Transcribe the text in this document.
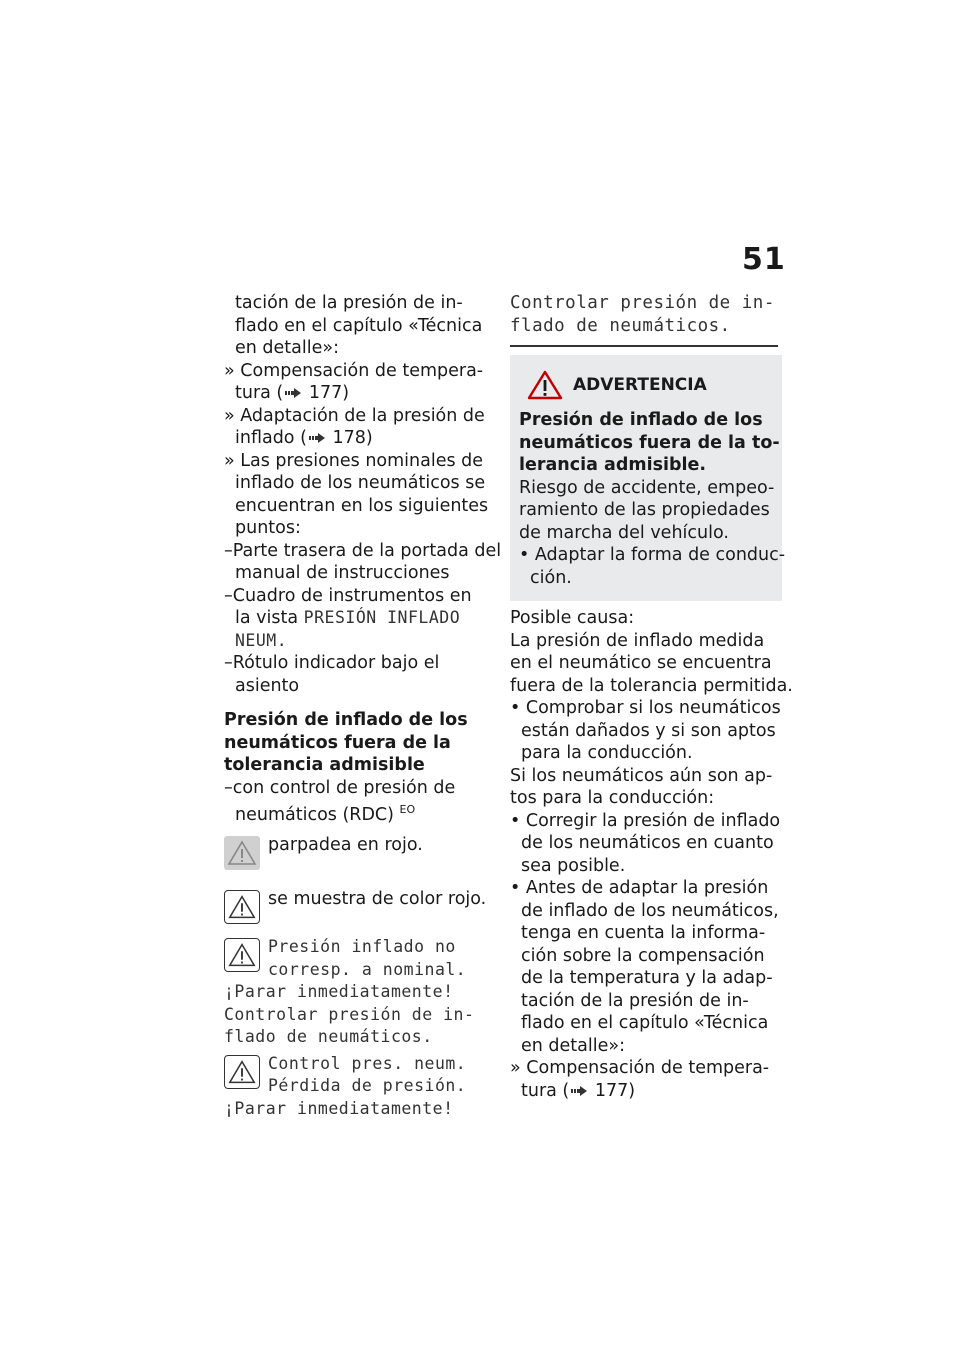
51
tación de la presión de in-
flado en el capítulo «Técnica
en detalle»:
» Compensación de tempera-
tura ( 177)
» Adaptación de la presión de
inflado ( 178)
» Las presiones nominales de
inflado de los neumáticos se
encuentran en los siguientes
puntos:
–Parte trasera de la portada del
manual de instrucciones
–Cuadro de instrumentos en
la vista PRESIÓN INFLADO
NEUM.
–Rótulo indicador bajo el
asiento
Presión de inflado de los
neumáticos fuera de la
tolerancia admisible
–con control de presión de
neumáticos (RDC) $^{EO}$
parpadea en rojo.
se muestra de color rojo.
Presión inflado no
corresp. a nominal.
¡Parar inmediatamente!
Controlar presión de in-
flado de neumáticos.
Control pres. neum.
Pérdida de presión.
¡Parar inmediatamente!
Controlar presión de in-
flado de neumáticos.
ADVERTENCIA
Presión de inflado de los
neumáticos fuera de la to-
lerancia admisible.
Riesgo de accidente, empeo-
ramiento de las propiedades
de marcha del vehículo.
• Adaptar la forma de conduc-
ción.
Posible causa:
La presión de inflado medida
en el neumático se encuentra
fuera de la tolerancia permitida.
• Comprobar si los neumáticos
están dañados y si son aptos
para la conducción.
Si los neumáticos aún son ap-
tos para la conducción:
• Corregir la presión de inflado
de los neumáticos en cuanto
sea posible.
• Antes de adaptar la presión
de inflado de los neumáticos,
tenga en cuenta la informa-
ción sobre la compensación
de la temperatura y la adap-
tación de la presión de in-
flado en el capítulo «Técnica
en detalle»:
» Compensación de tempera-
tura ( 177)
